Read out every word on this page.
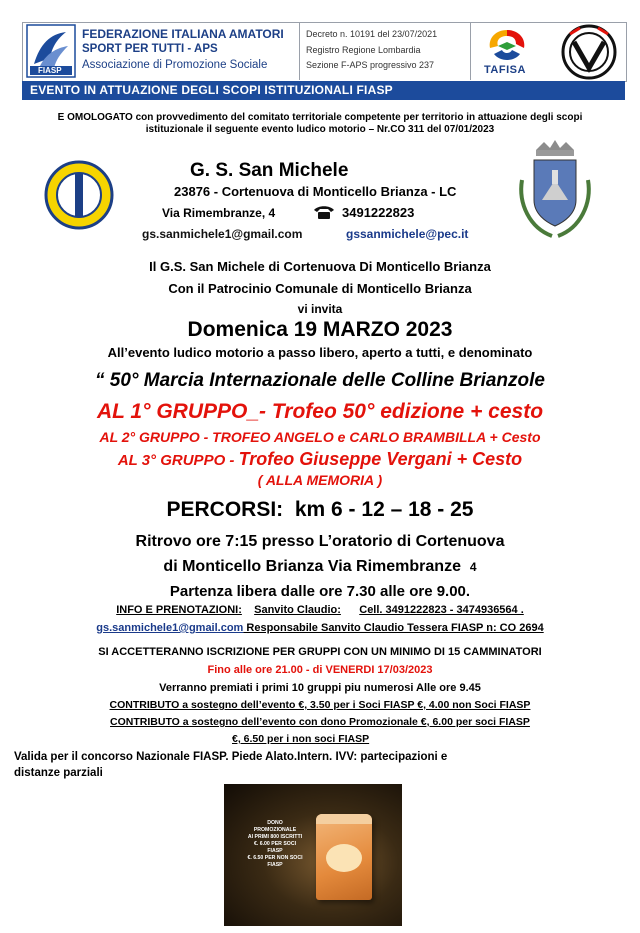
FIASP
FEDERAZIONE ITALIANA AMATORI
SPORT PER TUTTI - APS
Associazione di Promozione Sociale
Decreto n. 10191 del 23/07/2021
Registro Regione Lombardia
Sezione F-APS progressivo 237	TAFISA
EVENTO IN ATTUAZIONE DEGLI SCOPI ISTITUZIONALI FIASP
E OMOLOGATO con provvedimento del comitato territoriale competente per territorio in attuazione degli scopi
istituzionale il seguente evento ludico motorio – Nr.CO 311 del 07/01/2023
G. S. San Michele
23876 - Cortenuova di Monticello Brianza - LC
Via Rimembranze, 4	3491222823
gs.sanmichele1@gmail.com	gssanmichele@pec.it
Il G.S. San Michele di Cortenuova Di Monticello Brianza
Con il Patrocinio Comunale di Monticello Brianza
vi invita
Domenica 19 MARZO 2023
All’evento ludico motorio a passo libero, aperto a tutti, e denominato
“ 50° Marcia Internazionale delle Colline Brianzole
AL 1° GRUPPO_- Trofeo 50° edizione + cesto
AL 2° GRUPPO - TROFEO ANGELO e CARLO BRAMBILLA + Cesto
AL 3° GRUPPO - Trofeo Giuseppe Vergani + Cesto
( ALLA MEMORIA )
PERCORSI: km 6 - 12 – 18 - 25
Ritrovo ore 7:15 presso L’oratorio di Cortenuova
di Monticello Brianza Via Rimembranze 4
Partenza libera dalle ore 7.30 alle ore 9.00.
INFO E PRENOTAZIONI: Sanvito Claudio: Cell. 3491222823 - 3474936564 .
gs.sanmichele1@gmail.com Responsabile Sanvito Claudio Tessera FIASP n: CO 2694
SI ACCETTERANNO ISCRIZIONE PER GRUPPI CON UN MINIMO DI 15 CAMMINATORI
Fino alle ore 21.00 - di VENERDI 17/03/2023
Verranno premiati i primi 10 gruppi piu numerosi Alle ore 9.45
CONTRIBUTO a sostegno dell’evento €, 3.50 per i Soci FIASP €, 4.00 non Soci FIASP
CONTRIBUTO a sostegno dell’evento con dono Promozionale €, 6.00 per soci FIASP
€, 6.50 per i non soci FIASP
Valida per il concorso Nazionale FIASP. Piede Alato.Intern. IVV: partecipazioni e
distanze parziali
DONO
PROMOZIONALE
AI PRIMI 800 ISCRITTI
€. 6.00 PER SOCI
FIASP
€. 6.50 PER NON SOCI
FIASP
